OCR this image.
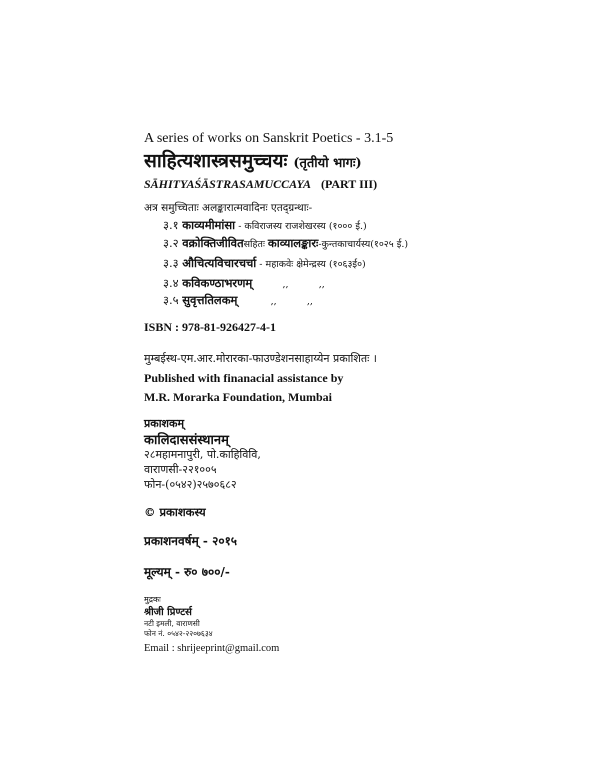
A series of works on Sanskrit Poetics - 3.1-5
साहित्यशास्त्रसमुच्चयः (तृतीयो भागः)
SĀHITYAŚĀSTRASAMUCCAYA (PART III)
अत्र समुच्चिताः अलङ्कारात्मवादिनः एतद्ग्रन्थाः-
३.१ काव्यमीमांसा - कविराजस्य राजशेखरस्य (१००० ई.)
३.२ वक्रोक्तिजीवितसहितः काव्यालङ्कारः-कुन्तकाचार्यस्य(१०२५ ई.)
३.३ औचित्यविचारचर्चा - महाकवेः क्षेमेन्द्रस्य (१०६३ई०)
३.४ कविकण्ठाभरणम्          ,,          ,,
३.५ सुवृत्ततिलकम्           ,,          ,,
ISBN : 978-81-926427-4-1
मुम्बईस्थ-एम.आर.मोरारका-फाउण्डेशनसाहाय्येन प्रकाशितः ।
Published with finanacial assistance by
M.R. Morarka Foundation, Mumbai
प्रकाशकम्
कालिदाससंस्थानम्
२८महामनापुरी, पो.काहिविवि,
वाराणसी-२२१००५
फोन-(०५४२)२५७०६८२
© प्रकाशकस्य
प्रकाशनवर्षम् - २०१५
मूल्यम् - रु० ७००/-
मुद्रकः
श्रीजी प्रिण्टर्स
नटी इमली, वाराणसी
फोन नं. ०५४२-२२०७६३४
Email : shrijeeprint@gmail.com
